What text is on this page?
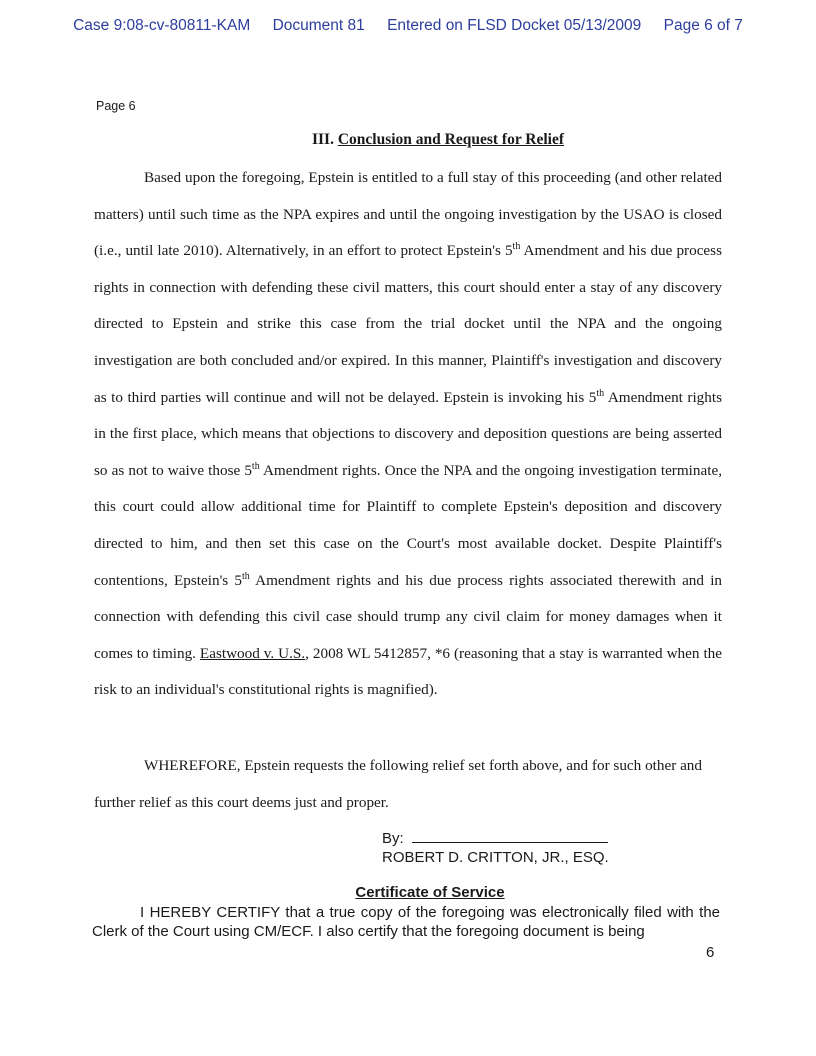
Case 9:08-cv-80811-KAM Document 81 Entered on FLSD Docket 05/13/2009 Page 6 of 7
Page 6
III. Conclusion and Request for Relief

Based upon the foregoing, Epstein is entitled to a full stay of this proceeding (and other related matters) until such time as the NPA expires and until the ongoing investigation by the USAO is closed (i.e., until late 2010). Alternatively, in an effort to protect Epstein's 5th Amendment and his due process rights in connection with defending these civil matters, this court should enter a stay of any discovery directed to Epstein and strike this case from the trial docket until the NPA and the ongoing investigation are both concluded and/or expired. In this manner, Plaintiff's investigation and discovery as to third parties will continue and will not be delayed. Epstein is invoking his 5th Amendment rights in the first place, which means that objections to discovery and deposition questions are being asserted so as not to waive those 5th Amendment rights. Once the NPA and the ongoing investigation terminate, this court could allow additional time for Plaintiff to complete Epstein's deposition and discovery directed to him, and then set this case on the Court's most available docket. Despite Plaintiff's contentions, Epstein's 5th Amendment rights and his due process rights associated therewith and in connection with defending this civil case should trump any civil claim for money damages when it comes to timing. Eastwood v. U.S., 2008 WL 5412857, *6 (reasoning that a stay is warranted when the risk to an individual's constitutional rights is magnified).

WHEREFORE, Epstein requests the following relief set forth above, and for such other and further relief as this court deems just and proper.

By:
ROBERT D. CRITTON, JR., ESQ.
Certificate of Service

I HEREBY CERTIFY that a true copy of the foregoing was electronically filed with the Clerk of the Court using CM/ECF. I also certify that the foregoing document is being

6
